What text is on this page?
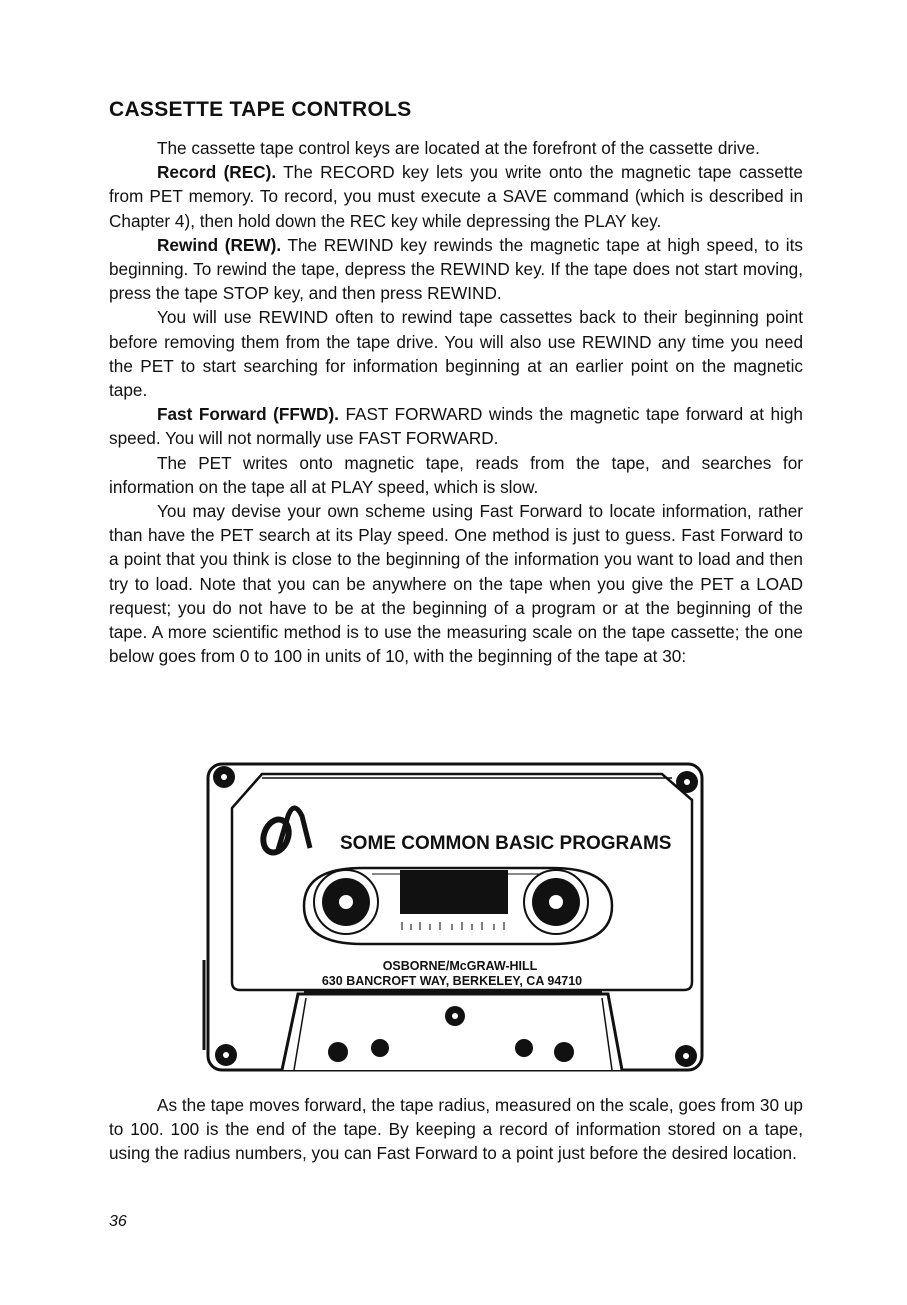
CASSETTE TAPE CONTROLS

The cassette tape control keys are located at the forefront of the cassette drive.

Record (REC). The RECORD key lets you write onto the magnetic tape cassette from PET memory. To record, you must execute a SAVE command (which is described in Chapter 4), then hold down the REC key while depressing the PLAY key.

Rewind (REW). The REWIND key rewinds the magnetic tape at high speed, to its beginning. To rewind the tape, depress the REWIND key. If the tape does not start moving, press the tape STOP key, and then press REWIND.

You will use REWIND often to rewind tape cassettes back to their beginning point before removing them from the tape drive. You will also use REWIND any time you need the PET to start searching for information beginning at an earlier point on the magnetic tape.

Fast Forward (FFWD). FAST FORWARD winds the magnetic tape forward at high speed. You will not normally use FAST FORWARD.

The PET writes onto magnetic tape, reads from the tape, and searches for information on the tape all at PLAY speed, which is slow.

You may devise your own scheme using Fast Forward to locate information, rather than have the PET search at its Play speed. One method is just to guess. Fast Forward to a point that you think is close to the beginning of the information you want to load and then try to load. Note that you can be anywhere on the tape when you give the PET a LOAD request; you do not have to be at the beginning of a program or at the beginning of the tape. A more scientific method is to use the measuring scale on the tape cassette; the one below goes from 0 to 100 in units of 10, with the beginning of the tape at 30:

SOME COMMON BASIC PROGRAMS
OSBORNE/McGRAW-HILL
630 BANCROFT WAY, BERKELEY, CA 94710

As the tape moves forward, the tape radius, measured on the scale, goes from 30 up to 100. 100 is the end of the tape. By keeping a record of information stored on a tape, using the radius numbers, you can Fast Forward to a point just before the desired location.

36
